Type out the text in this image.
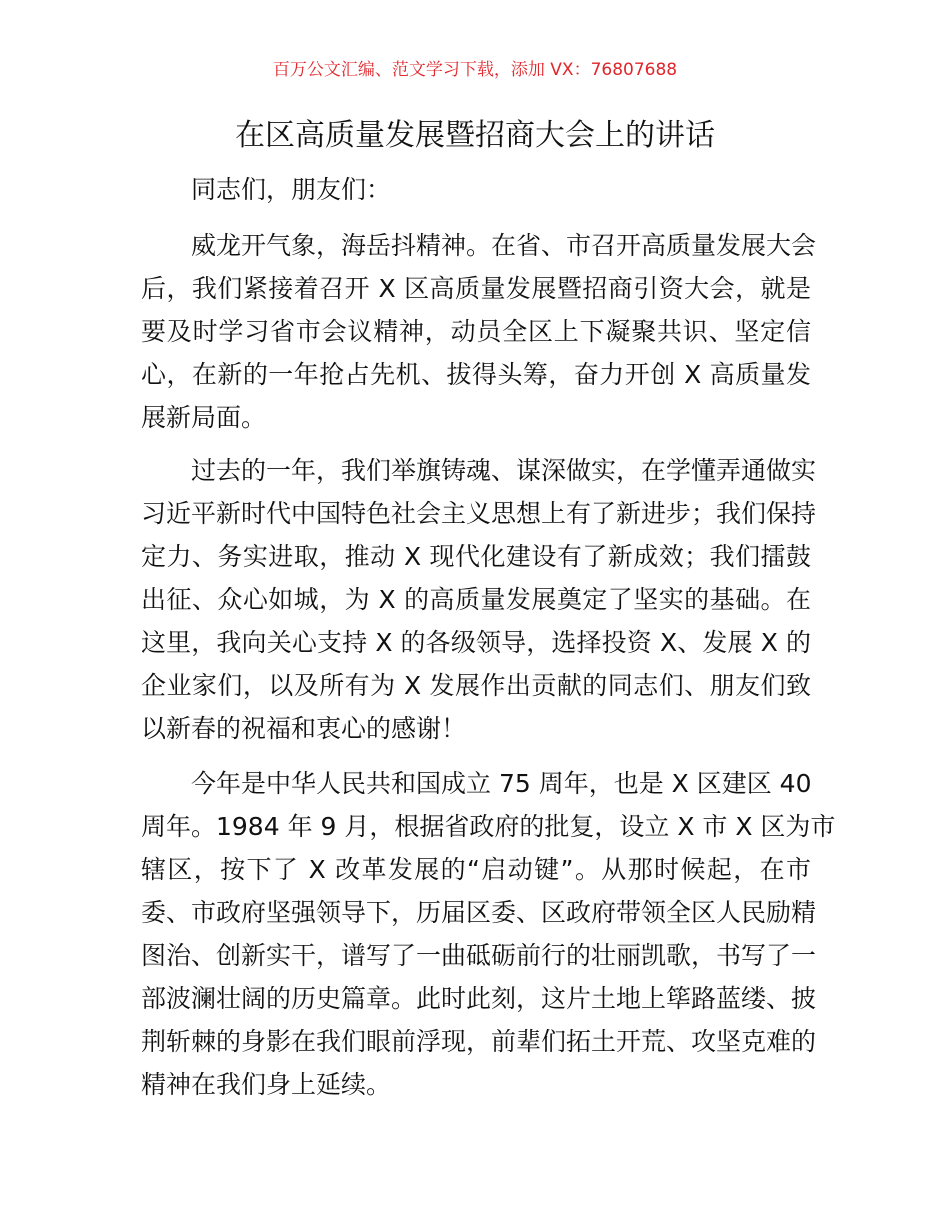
百万公文汇编、范文学习下载，添加 VX：76807688
在区高质量发展暨招商大会上的讲话
同志们，朋友们：
威龙开气象，海岳抖精神。在省、市召开高质量发展大会
后，我们紧接着召开 X 区高质量发展暨招商引资大会，就是
要及时学习省市会议精神，动员全区上下凝聚共识、坚定信
心，在新的一年抢占先机、拔得头筹，奋力开创 X 高质量发
展新局面。
过去的一年，我们举旗铸魂、谋深做实，在学懂弄通做实
习近平新时代中国特色社会主义思想上有了新进步；我们保持
定力、务实进取，推动 X 现代化建设有了新成效；我们擂鼓
出征、众心如城，为 X 的高质量发展奠定了坚实的基础。在
这里，我向关心支持 X 的各级领导，选择投资 X、发展 X 的
企业家们，以及所有为 X 发展作出贡献的同志们、朋友们致
以新春的祝福和衷心的感谢！
今年是中华人民共和国成立 75 周年，也是 X 区建区 40
周年。1984 年 9 月，根据省政府的批复，设立 X 市 X 区为市
辖区，按下了 X 改革发展的“启动键”。从那时候起，在市
委、市政府坚强领导下，历届区委、区政府带领全区人民励精
图治、创新实干，谱写了一曲砥砺前行的壮丽凯歌，书写了一
部波澜壮阔的历史篇章。此时此刻，这片土地上筚路蓝缕、披
荆斩棘的身影在我们眼前浮现，前辈们拓土开荒、攻坚克难的
精神在我们身上延续。
